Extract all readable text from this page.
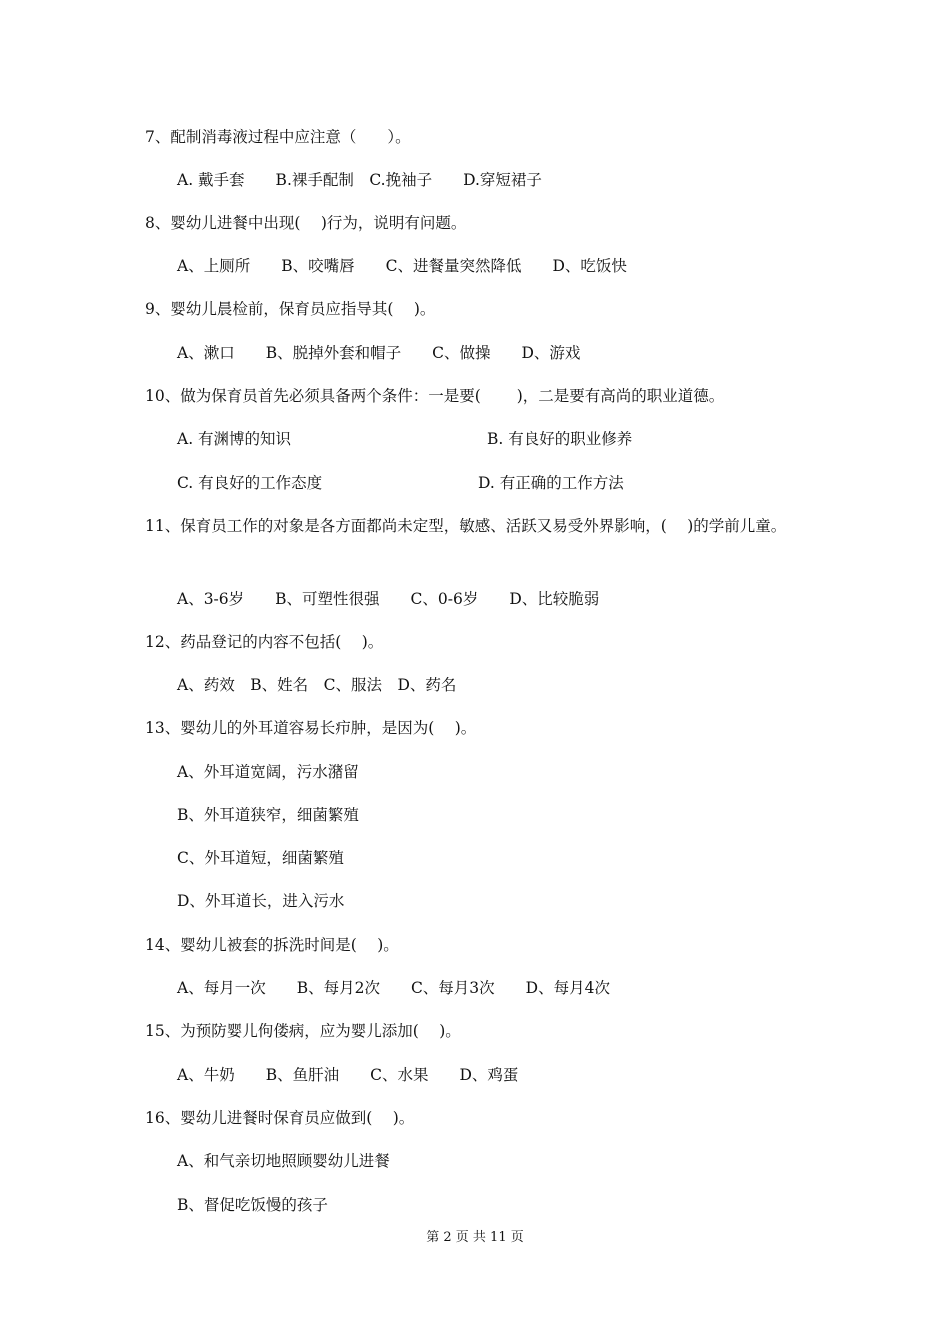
7、配制消毒液过程中应注意（　　）。
A. 戴手套　　B.裸手配制　C.挽袖子　　D.穿短裙子
8、婴幼儿进餐中出现(　 )行为，说明有问题。
A、上厕所　　B、咬嘴唇　　C、进餐量突然降低　　D、吃饭快
9、婴幼儿晨检前，保育员应指导其(　 )。
A、漱口　　B、脱掉外套和帽子　　C、做操　　D、游戏
10、做为保育员首先必须具备两个条件：一是要(　　 )，二是要有高尚的职业道德。
A. 有渊博的知识	B. 有良好的职业修养
C. 有良好的工作态度	D. 有正确的工作方法
11、保育员工作的对象是各方面都尚未定型，敏感、活跃又易受外界影响，(　 )的学前儿童。
A、3-6岁　　B、可塑性很强　　C、0-6岁　　D、比较脆弱
12、药品登记的内容不包括(　 )。
A、药效　B、姓名　C、服法　D、药名
13、婴幼儿的外耳道容易长疖肿，是因为(　 )。
A、外耳道宽阔，污水潴留
B、外耳道狭窄，细菌繁殖
C、外耳道短，细菌繁殖
D、外耳道长，进入污水
14、婴幼儿被套的拆洗时间是(　 )。
A、每月一次　　B、每月2次　　C、每月3次　　D、每月4次
15、为预防婴儿佝偻病，应为婴儿添加(　 )。
A、牛奶　　B、鱼肝油　　C、水果　　D、鸡蛋
16、婴幼儿进餐时保育员应做到(　 )。
A、和气亲切地照顾婴幼儿进餐
B、督促吃饭慢的孩子
第 2 页 共 11 页
